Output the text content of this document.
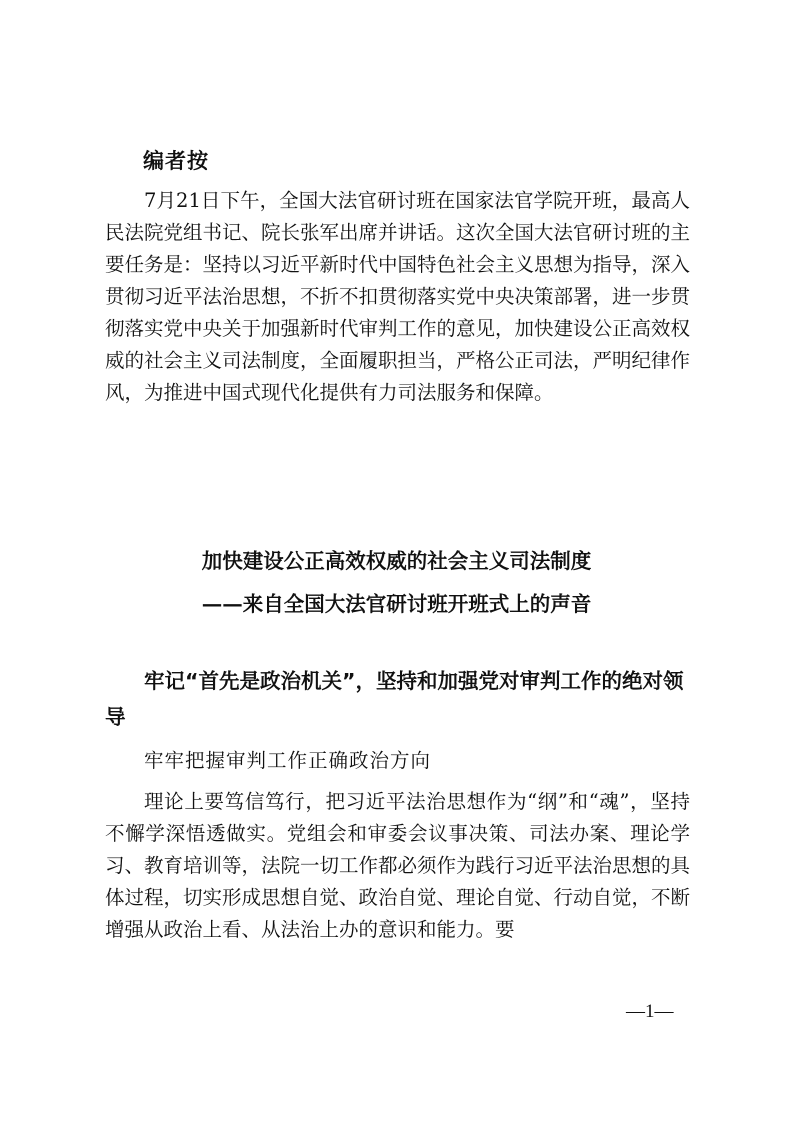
编者按

7月21日下午，全国大法官研讨班在国家法官学院开班，最高人民法院党组书记、院长张军出席并讲话。这次全国大法官研讨班的主要任务是：坚持以习近平新时代中国特色社会主义思想为指导，深入贯彻习近平法治思想，不折不扣贯彻落实党中央决策部署，进一步贯彻落实党中央关于加强新时代审判工作的意见，加快建设公正高效权威的社会主义司法制度，全面履职担当，严格公正司法，严明纪律作风，为推进中国式现代化提供有力司法服务和保障。

加快建设公正高效权威的社会主义司法制度
——来自全国大法官研讨班开班式上的声音

牢记“首先是政治机关”，坚持和加强党对审判工作的绝对领导

牢牢把握审判工作正确政治方向

理论上要笃信笃行，把习近平法治思想作为“纲”和“魂”，坚持不懈学深悟透做实。党组会和审委会议事决策、司法办案、理论学习、教育培训等，法院一切工作都必须作为践行习近平法治思想的具体过程，切实形成思想自觉、政治自觉、理论自觉、行动自觉，不断增强从政治上看、从法治上办的意识和能力。要

—1—
